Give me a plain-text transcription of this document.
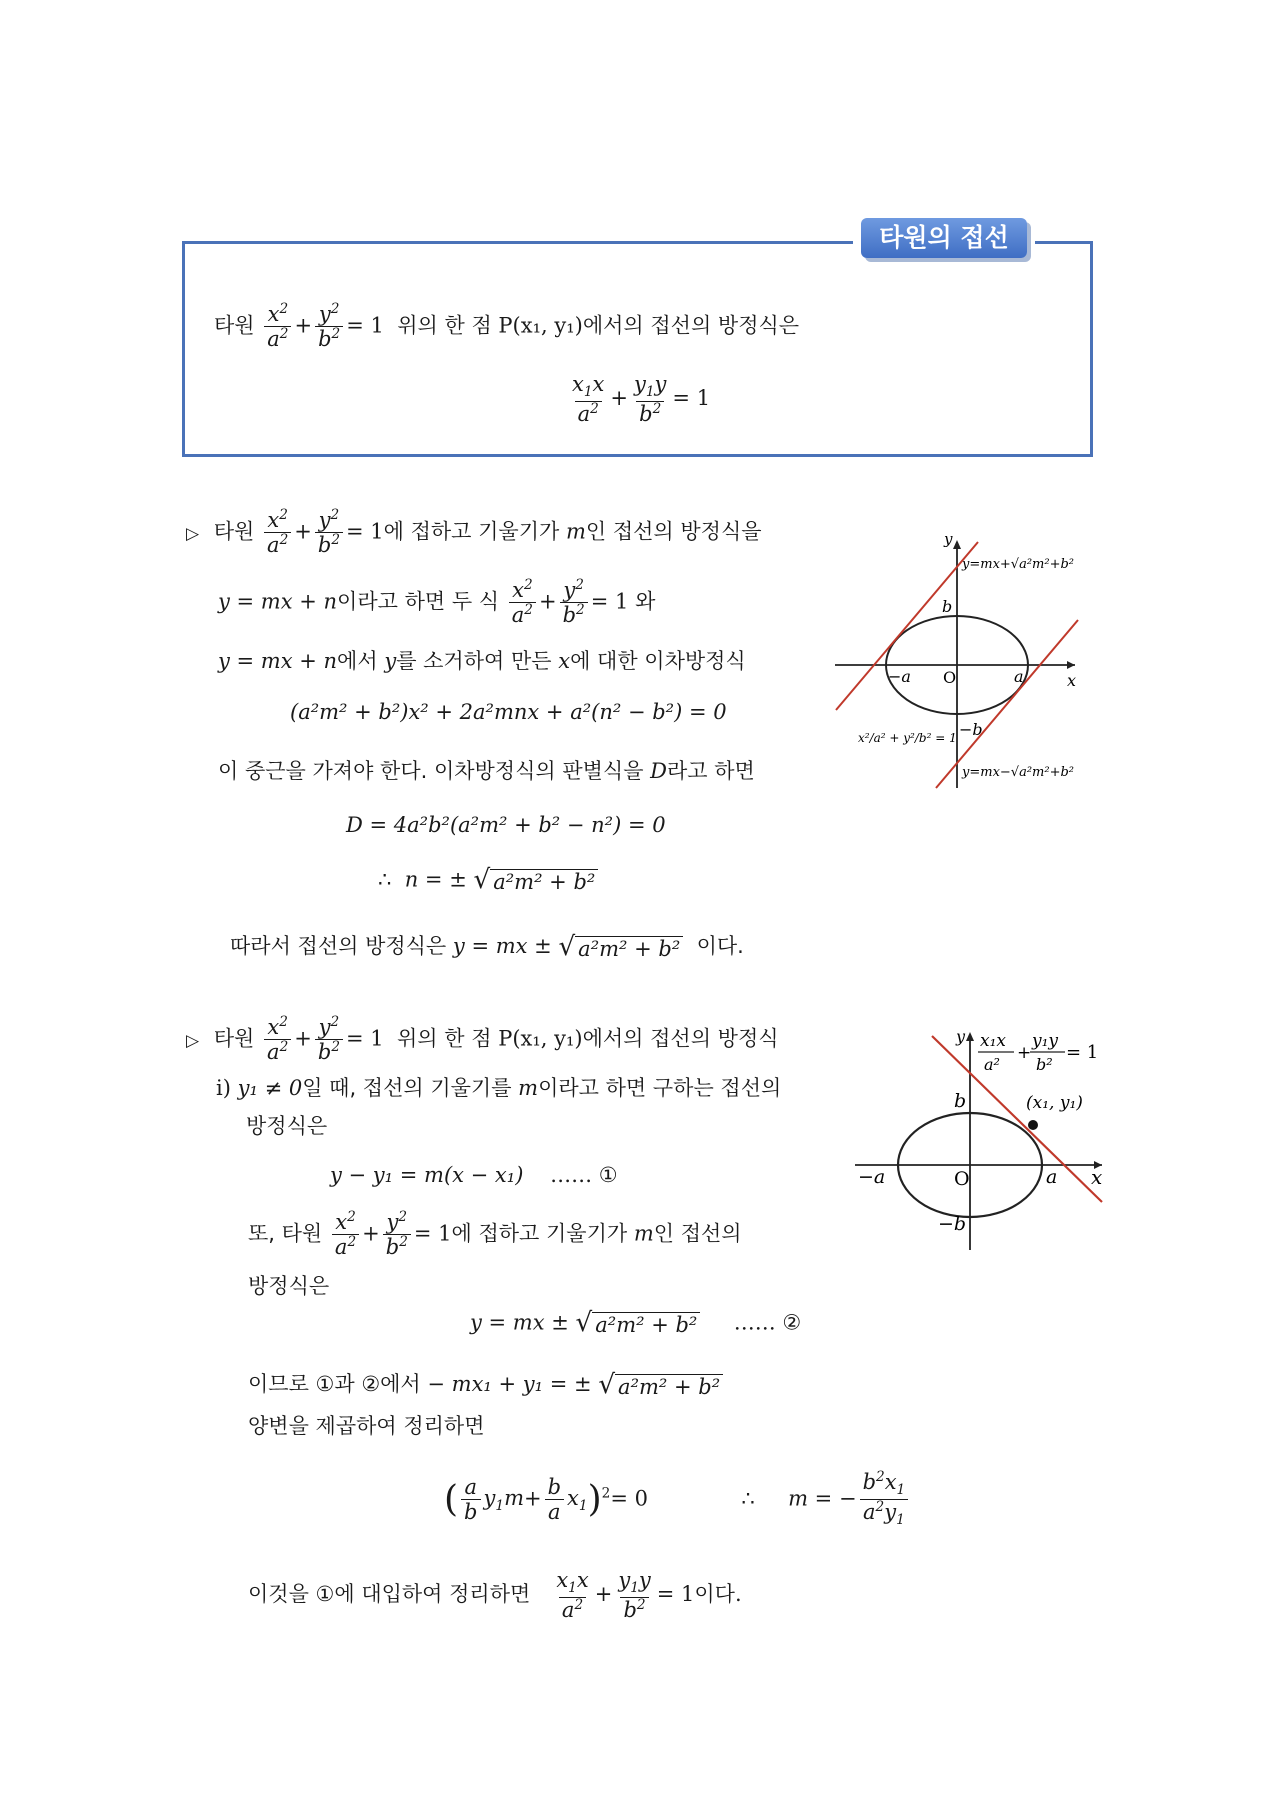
타원의 접선
타원 $\frac{x^2}{a^2} + \frac{y^2}{b^2} = 1$ 위의 한 점 P(x₁, y₁)에서의 접선의 방정식은
$\frac{x_1x}{a^2} + \frac{y_1y}{b^2} = 1$
▷ 타원 $\frac{x^2}{a^2} + \frac{y^2}{b^2} = 1$에 접하고 기울기가 m인 접선의 방정식을
y = mx + n이라고 하면 두 식 $\frac{x^2}{a^2} + \frac{y^2}{b^2} = 1$ 와
y = mx + n에서 y를 소거하여 만든 x에 대한 이차방정식
(a²m² + b²)x² + 2a²mnx + a²(n² − b²) = 0
이 중근을 가져야 한다. 이차방정식의 판별식을 D라고 하면
D = 4a²b²(a²m² + b² − n²) = 0
∴ n = ± √ a²m² + b²
따라서 접선의 방정식은 y = mx ± √ a²m² + b² 이다.
y
x
O
b
−b
a
−a
y=mx+√a²m²+b²
y=mx−√a²m²+b²
x²/a² + y²/b² = 1
▷ 타원 $\frac{x^2}{a^2} + \frac{y^2}{b^2} = 1$ 위의 한 점 P(x₁, y₁)에서의 접선의 방정식
i) y₁ ≠ 0일 때, 접선의 기울기를 m이라고 하면 구하는 접선의
방정식은
y − y₁ = m(x − x₁) …… ①
또, 타원 $\frac{x^2}{a^2} + \frac{y^2}{b^2} = 1$에 접하고 기울기가 m인 접선의
방정식은
y = mx ± √ a²m² + b² …… ②
이므로 ①과 ②에서 − mx₁ + y₁ = ± √ a²m² + b²
양변을 제곱하여 정리하면
( $\frac{a}{b} y_1m+ \frac{b}{a} x_1)^2= 0$	∴ m = − $\frac{b^2x_1}{a^2y_1}$
이것을 ①에 대입하여 정리하면 $\frac{x_1x}{a^2} + \frac{y_1y}{b^2} = 1$이다.
y
x
O
b
−b
a
−a
(x₁, y₁)
x₁x
a²
+
y₁y
b²
= 1
